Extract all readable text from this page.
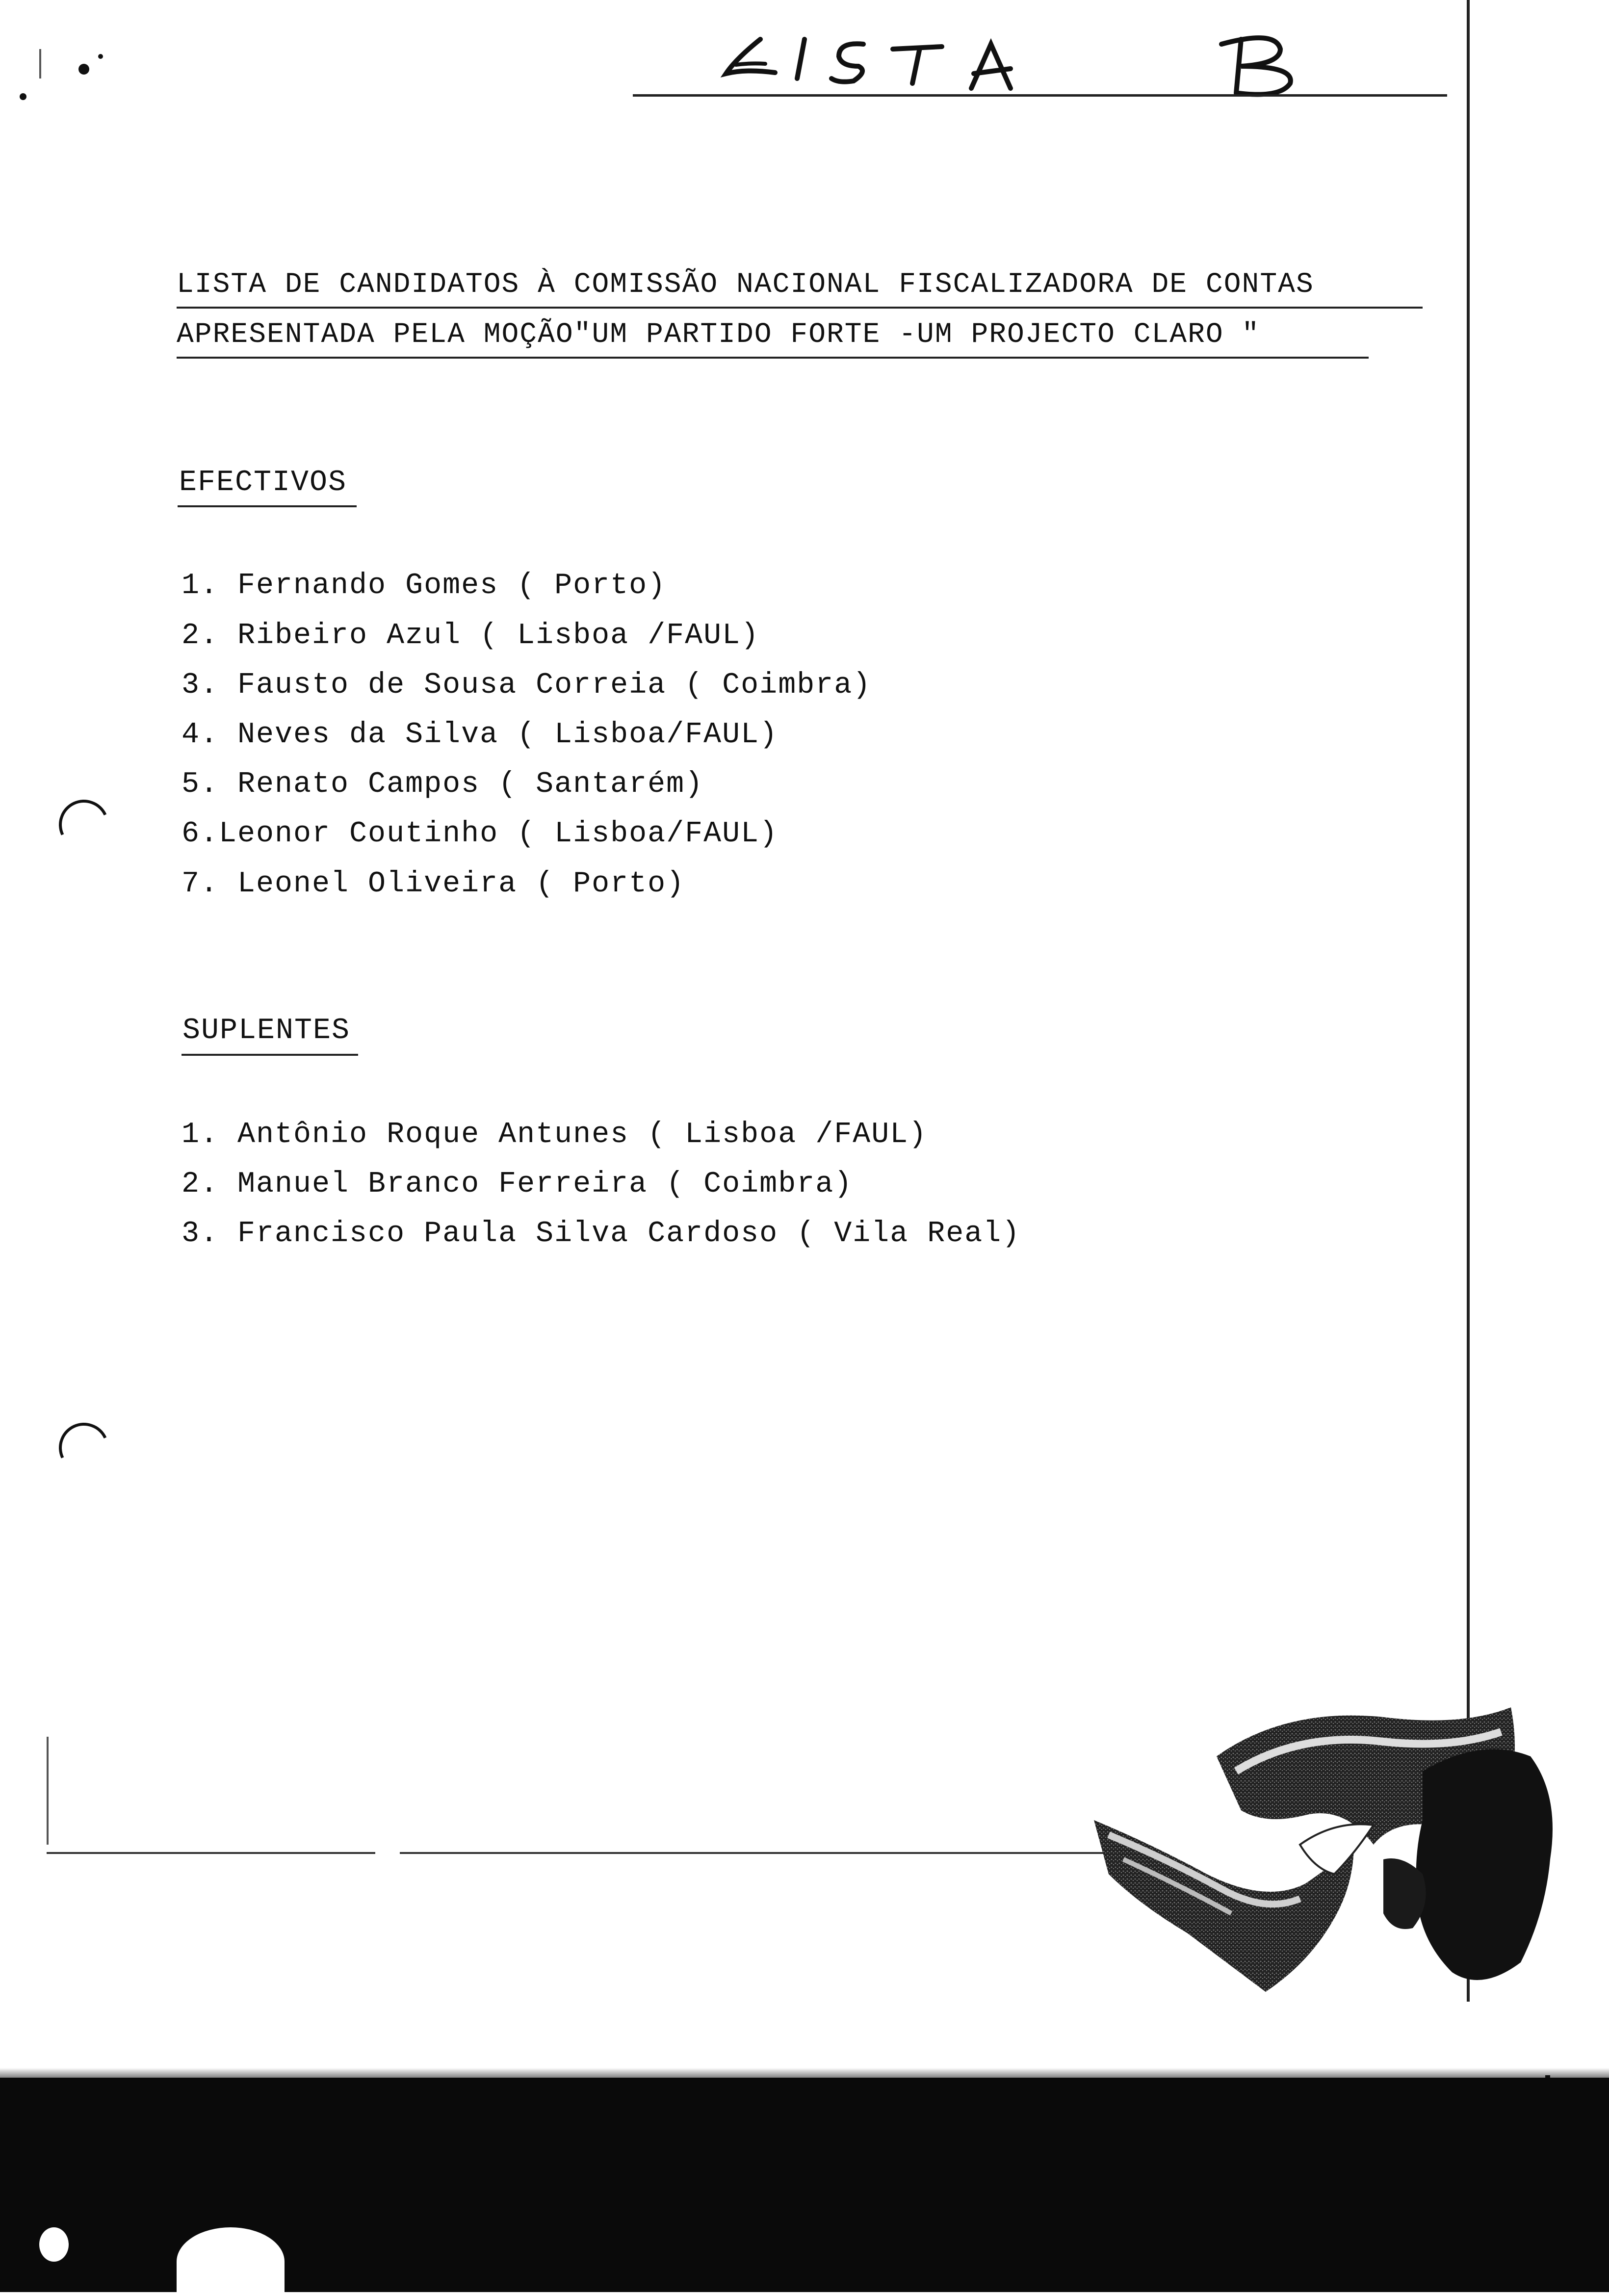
LISTA DE CANDIDATOS À COMISSÃO NACIONAL FISCALIZADORA DE CONTAS
APRESENTADA PELA MOÇÃO"UM PARTIDO FORTE -UM PROJECTO CLARO "
EFECTIVOS
1. Fernando Gomes ( Porto)
2. Ribeiro Azul ( Lisboa /FAUL)
3. Fausto de Sousa Correia ( Coimbra)
4. Neves da Silva ( Lisboa/FAUL)
5. Renato Campos ( Santarém)
6.Leonor Coutinho ( Lisboa/FAUL)
7. Leonel Oliveira ( Porto)
SUPLENTES
1. Antônio Roque Antunes ( Lisboa /FAUL)
2. Manuel Branco Ferreira ( Coimbra)
3. Francisco Paula Silva Cardoso ( Vila Real)
